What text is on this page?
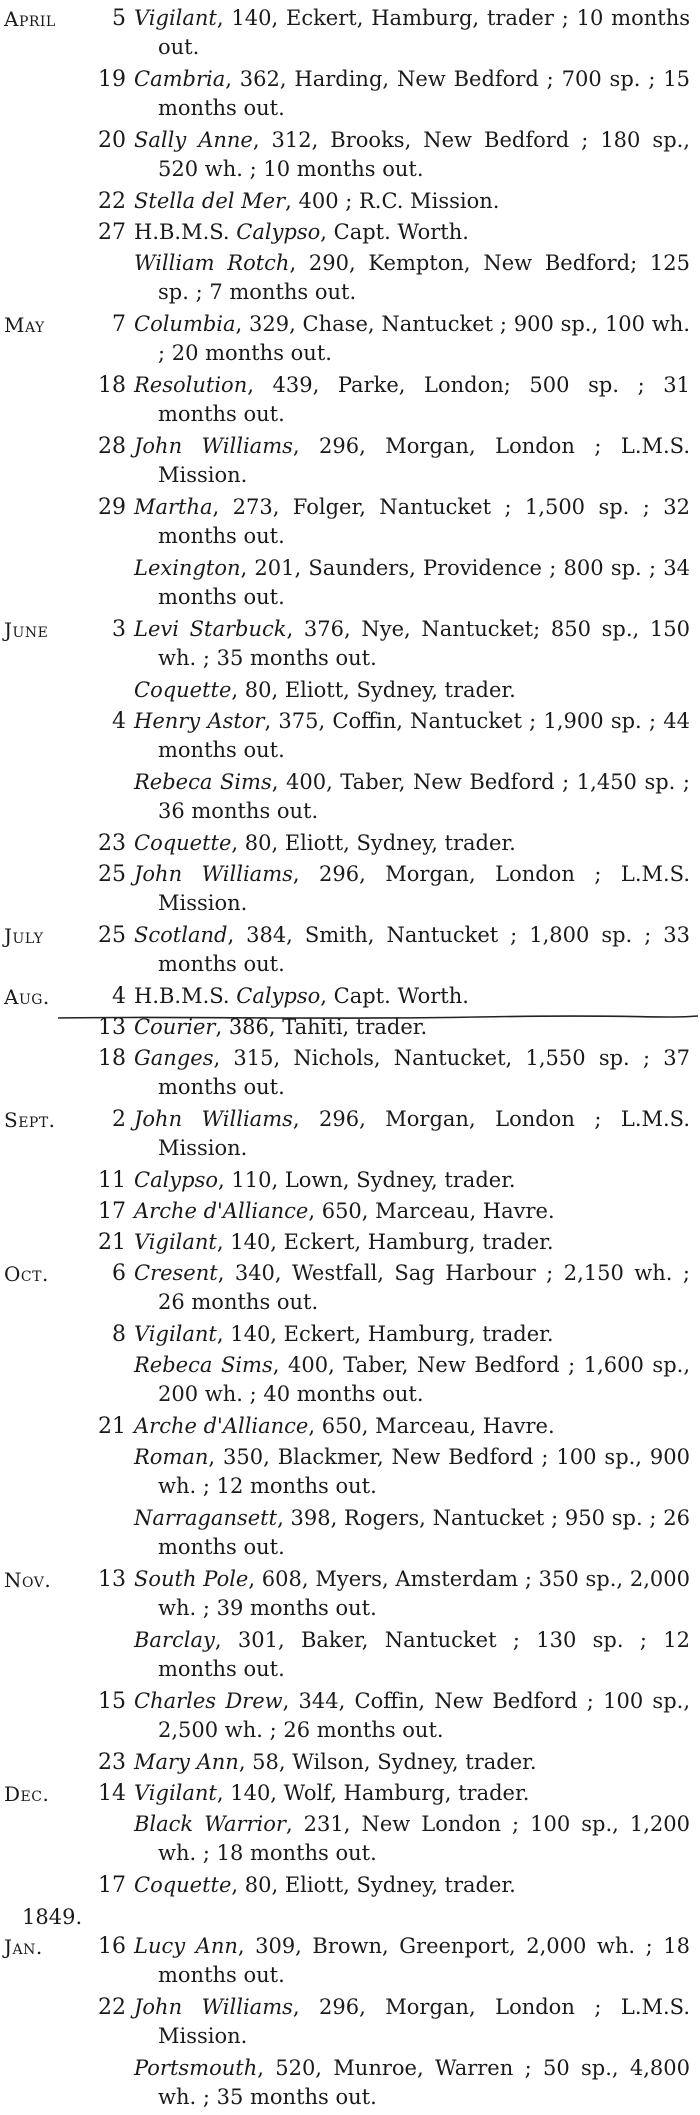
April	5 Vigilant, 140, Eckert, Hamburg, trader ; 10 months out.
19 Cambria, 362, Harding, New Bedford ; 700 sp. ; 15 months out.
20 Sally Anne, 312, Brooks, New Bedford ; 180 sp., 520 wh. ; 10 months out.
22 Stella del Mer, 400 ; R.C. Mission.
27 H.B.M.S. Calypso, Capt. Worth.
William Rotch, 290, Kempton, New Bedford; 125 sp. ; 7 months out.
May	7 Columbia, 329, Chase, Nantucket ; 900 sp., 100 wh. ; 20 months out.
18 Resolution, 439, Parke, London; 500 sp. ; 31 months out.
28 John Williams, 296, Morgan, London ; L.M.S. Mission.
29 Martha, 273, Folger, Nantucket ; 1,500 sp. ; 32 months out.
Lexington, 201, Saunders, Providence ; 800 sp. ; 34 months out.
June	3 Levi Starbuck, 376, Nye, Nantucket; 850 sp., 150 wh. ; 35 months out.
Coquette, 80, Eliott, Sydney, trader.
4 Henry Astor, 375, Coffin, Nantucket ; 1,900 sp. ; 44 months out.
Rebeca Sims, 400, Taber, New Bedford ; 1,450 sp. ; 36 months out.
23 Coquette, 80, Eliott, Sydney, trader.
25 John Williams, 296, Morgan, London ; L.M.S. Mission.
July	25 Scotland, 384, Smith, Nantucket ; 1,800 sp. ; 33 months out.
Aug.	4 H.B.M.S. Calypso, Capt. Worth.
13 Courier, 386, Tahiti, trader.
18 Ganges, 315, Nichols, Nantucket, 1,550 sp. ; 37 months out.
Sept.	2 John Williams, 296, Morgan, London ; L.M.S. Mission.
11 Calypso, 110, Lown, Sydney, trader.
17 Arche d'Alliance, 650, Marceau, Havre.
21 Vigilant, 140, Eckert, Hamburg, trader.
Oct.	6 Cresent, 340, Westfall, Sag Harbour ; 2,150 wh. ; 26 months out.
8 Vigilant, 140, Eckert, Hamburg, trader.
Rebeca Sims, 400, Taber, New Bedford ; 1,600 sp., 200 wh. ; 40 months out.
21 Arche d'Alliance, 650, Marceau, Havre.
Roman, 350, Blackmer, New Bedford ; 100 sp., 900 wh. ; 12 months out.
Narragansett, 398, Rogers, Nantucket ; 950 sp. ; 26 months out.
Nov.	13 South Pole, 608, Myers, Amsterdam ; 350 sp., 2,000 wh. ; 39 months out.
Barclay, 301, Baker, Nantucket ; 130 sp. ; 12 months out.
15 Charles Drew, 344, Coffin, New Bedford ; 100 sp., 2,500 wh. ; 26 months out.
23 Mary Ann, 58, Wilson, Sydney, trader.
Dec.	14 Vigilant, 140, Wolf, Hamburg, trader.
Black Warrior, 231, New London ; 100 sp., 1,200 wh. ; 18 months out.
17 Coquette, 80, Eliott, Sydney, trader.
1849.
Jan.	16 Lucy Ann, 309, Brown, Greenport, 2,000 wh. ; 18 months out.
22 John Williams, 296, Morgan, London ; L.M.S. Mission.
Portsmouth, 520, Munroe, Warren ; 50 sp., 4,800 wh. ; 35 months out.
